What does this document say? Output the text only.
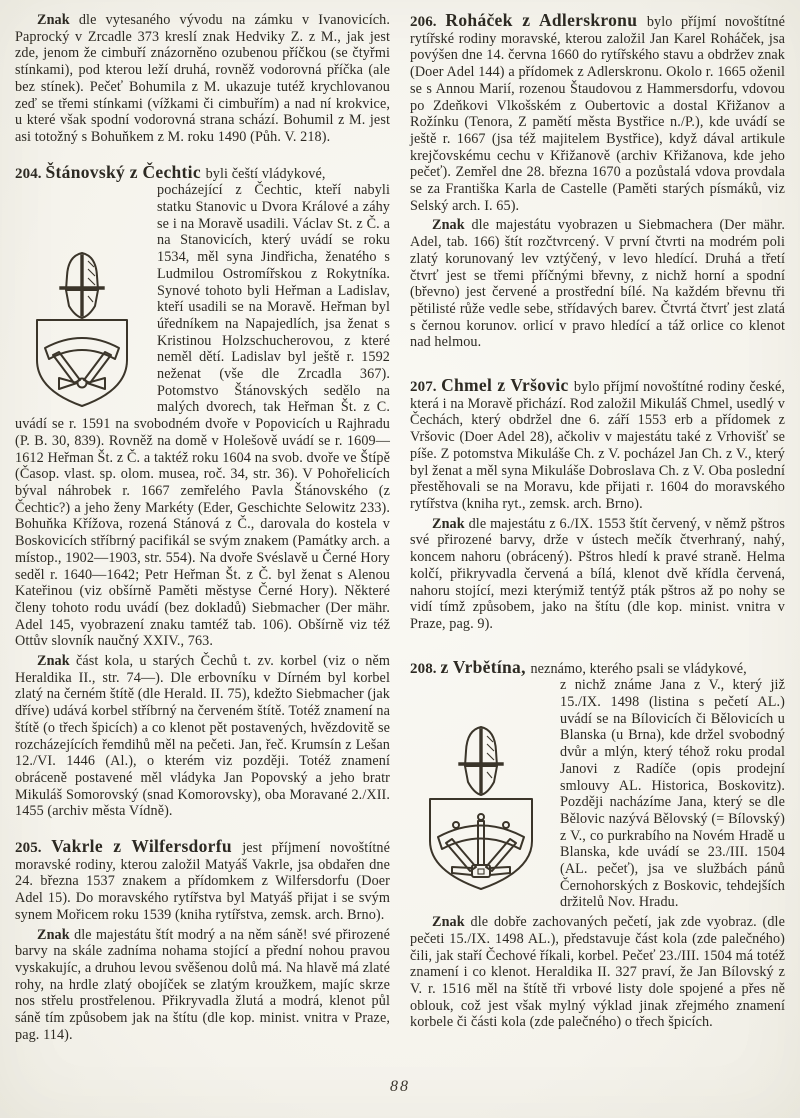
Znak dle vytesaného vývodu na zámku v Ivanovicích. Paprocký v Zrcadle 373 kreslí znak Hedviky Z. z M., jak jest zde, jenom že cimbuří znázorněno ozubenou příčkou (se čtyřmi stínkami), pod kterou leží druhá, rovněž vodorovná příčka (ale bez stínek). Pečeť Bohumila z M. ukazuje tutéž krychlovanou zeď se třemi stínkami (vížkami či cimbuřím) a nad ní krokvice, u které však spodní vodorovná strana schází. Bohumil z M. jest asi totožný s Bohuňkem z M. roku 1490 (Půh. V. 218).

204. Štánovský z Čechtic byli čeští vládykové,

pocházející z Čechtic, kteří nabyli statku Stanovic u Dvora Králové a záhy se i na Moravě usadili. Václav St. z Č. a na Stanovicích, který uvádí se roku 1534, měl syna Jindřicha, ženatého s Ludmilou Ostromířskou z Rokytníka. Synové tohoto byli Heřman a Ladislav, kteří usadili se na Moravě. Heřman byl úředníkem na Napajedlích, jsa ženat s Kristinou Holzschucherovou, z které neměl dětí. Ladislav byl ještě r. 1592 neženat (vše dle Zrcadla 367). Potomstvo Štánovských sedělo na malých dvorech, tak Heřman Št. z C. uvádí se r. 1591 na svobodném dvoře v Popovicích u Rajhradu (P. B. 30, 839). Rovněž na domě v Holešově uvádí se r. 1609—1612 Heřman Št. z Č. a taktéž roku 1604 na svob. dvoře ve Štípě (Časop. vlast. sp. olom. musea, roč. 34, str. 36). V Pohořelicích býval náhrobek r. 1667 zemřelého Pavla Štánovského (z Čechtic?) a jeho ženy Markéty (Eder, Geschichte Selowitz 233). Bohuňka Křížova, rozená Stánová z Č., darovala do kostela v Boskovicích stříbrný pacifikál se svým znakem (Památky arch. a místop., 1902—1903, str. 554). Na dvoře Svéslavě u Černé Hory seděl r. 1640—1642; Petr Heřman Št. z Č. byl ženat s Alenou Kateřinou (viz obšírně Paměti městyse Černé Hory). Některé členy tohoto rodu uvádí (bez dokladů) Siebmacher (Der mähr. Adel 145, vyobrazení znaku tamtéž tab. 106). Obšírně viz též Ottův slovník naučný XXIV., 763.

Znak část kola, u starých Čechů t. zv. korbel (viz o něm Heraldika II., str. 74—). Dle erbovníku v Dírném byl korbel zlatý na černém štítě (dle Herald. II. 75), kdežto Siebmacher (jak dříve) udává korbel stříbrný na červeném štítě. Totéž znamení na štítě (o třech špicích) a co klenot pět postavených, hvězdovitě se rozcházejících řemdihů měl na pečeti. Jan, řeč. Krumsín z Lešan 12./VI. 1446 (Al.), o kterém viz později. Totéž znamení obráceně postavené měl vládyka Jan Popovský a jeho bratr Mikuláš Somorovský (snad Komorovsky), oba Moravané 2./XII. 1455 (archiv města Vídně).

205. Vakrle z Wilfersdorfu jest příjmení novoštítné moravské rodiny, kterou založil Matyáš Vakrle, jsa obdařen dne 24. března 1537 znakem a přídomkem z Wilfersdorfu (Doer Adel 15). Do moravského rytířstva byl Matyáš přijat i se svým synem Mořicem roku 1539 (kniha rytířstva, zemsk. arch. Brno).

Znak dle majestátu štít modrý a na něm sáně! své přirozené barvy na skále zadníma nohama stojící a přední nohou pravou vyskakujíc, a druhou levou svěšenou dolů má. Na hlavě má zlaté rohy, na hrdle zlatý obojíček se zlatým kroužkem, majíc skrze nos střelu prostřelenou. Přikryvadla žlutá a modrá, klenot půl sáně tím způsobem jak na štítu (dle kop. minist. vnitra v Praze, pag. 114).

206. Roháček z Adlerskronu bylo příjmí novoštítné rytířské rodiny moravské, kterou založil Jan Karel Roháček, jsa povýšen dne 14. června 1660 do rytířského stavu a obdržev znak (Doer Adel 144) a přídomek z Adlerskronu. Okolo r. 1665 oženil se s Annou Marií, rozenou Štaudovou z Hammersdorfu, vdovou po Zdeňkovi Vlkošském z Oubertovic a dostal Křižanov a Rožínku (Tenora, Z pamětí města Bystřice n./P.), kde uvádí se ještě r. 1667 (jsa též majitelem Bystřice), když dával artikule krejčovskému cechu v Křižanově (archiv Křižanova, kde jeho pečeť). Zemřel dne 28. března 1670 a pozůstalá vdova provdala se za Františka Karla de Castelle (Paměti starých písmáků, viz Selský arch. I. 65).

Znak dle majestátu vyobrazen u Siebmachera (Der mähr. Adel, tab. 166) štít rozčtvrcený. V první čtvrti na modrém poli zlatý korunovaný lev vztýčený, v levo hledící. Druhá a třetí čtvrť jest se třemi příčnými břevny, z nichž horní a spodní (břevno) jest červené a prostřední bílé. Na každém břevnu tři pětilisté růže vedle sebe, střídavých barev. Čtvrtá čtvrť jest zlatá s černou korunov. orlicí v pravo hledící a táž orlice co klenot nad helmou.

207. Chmel z Vršovic bylo příjmí novoštítné rodiny české, která i na Moravě přichází. Rod založil Mikuláš Chmel, usedlý v Čechách, který obdržel dne 6. září 1553 erb a přídomek z Vršovic (Doer Adel 28), ačkoliv v majestátu také z Vrhovišť se píše. Z potomstva Mikuláše Ch. z V. pocházel Jan Ch. z V., který byl ženat a měl syna Mikuláše Dobroslava Ch. z V. Oba poslední přestěhovali se na Moravu, kde přijati r. 1604 do moravského rytířstva (kniha ryt., zemsk. arch. Brno).

Znak dle majestátu z 6./IX. 1553 štít červený, v němž pštros své přirozené barvy, drže v ústech mečík čtverhraný, nahý, koncem nahoru (obrácený). Pštros hledí k pravé straně. Helma kolčí, přikryvadla červená a bílá, klenot dvě křídla červená, nahoru stojící, mezi kterýmiž tentýž pták pštros až po nohy se vidí tímž způsobem, jako na štítu (dle kop. minist. vnitra v Praze, pag. 9).

208. z Vrbětína, neznámo, kterého psali se vládykové,

z nichž známe Jana z V., který již 15./IX. 1498 (listina s pečetí AL.) uvádí se na Bílovicích či Bělovicích u Blanska (u Brna), kde držel svobodný dvůr a mlýn, který téhož roku prodal Janovi z Radíče (opis prodejní smlouvy AL. Historica, Boskovitz). Později nacházíme Jana, který se dle Bělovic nazývá Bělovský (= Bílovský) z V., co purkrabího na Novém Hradě u Blanska, kde uvádí se 23./III. 1504 (AL. pečeť), jsa ve službách pánů Černohorských z Boskovic, tehdejších držitelů Nov. Hradu.

Znak dle dobře zachovaných pečetí, jak zde vyobraz. (dle pečeti 15./IX. 1498 AL.), představuje část kola (zde palečného) čili, jak staří Čechové říkali, korbel. Pečeť 23./III. 1504 má totéž znamení i co klenot. Heraldika II. 327 praví, že Jan Bílovský z V. r. 1516 měl na štítě tři vrbové listy dole spojené a přes ně oblouk, což jest však mylný výklad jinak zřejmého znamení korbele či části kola (zde palečného) o třech špicích.

88
